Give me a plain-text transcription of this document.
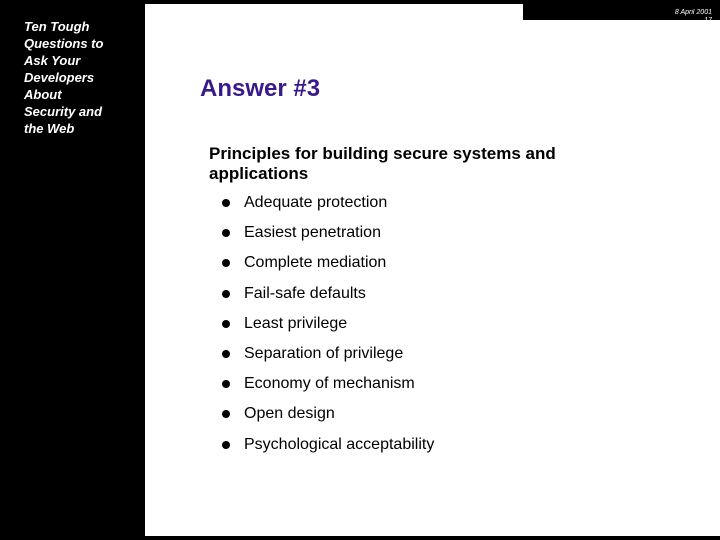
Ten Tough
Questions to
Ask Your
Developers
About
Security and
the Web
8 April 2001
17
Answer #3
Principles for building secure systems and applications
Adequate protection
Easiest penetration
Complete mediation
Fail-safe defaults
Least privilege
Separation of privilege
Economy of mechanism
Open design
Psychological acceptability
